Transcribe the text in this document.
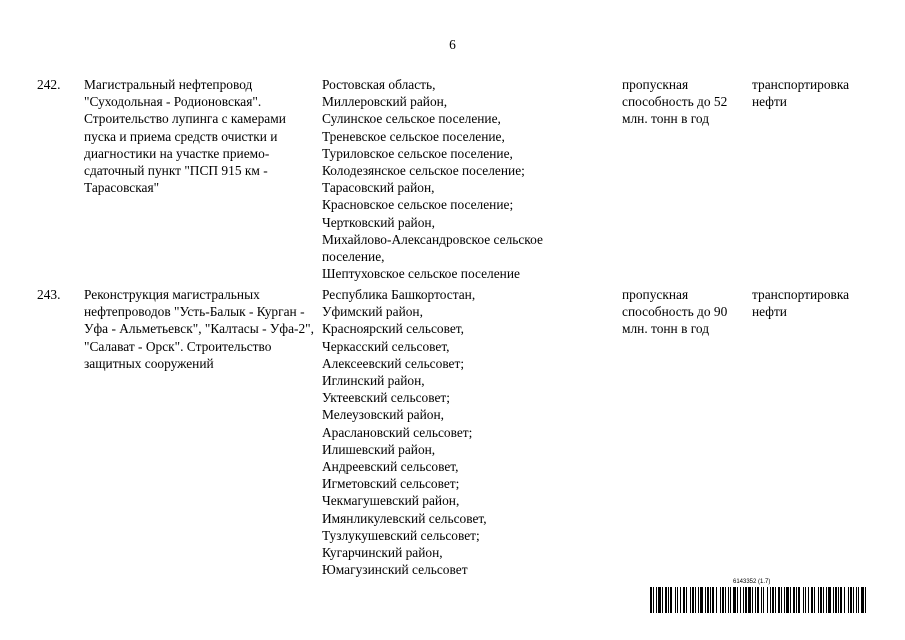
6
242.	Магистральный нефтепровод "Суходольная - Родионовская". Строительство лупинга с камерами пуска и приема средств очистки и диагностики на участке приемо-сдаточный пункт "ПСП 915 км - Тарасовская"
Ростовская область,
Миллеровский район,
Сулинское сельское поселение,
Треневское сельское поселение,
Туриловское сельское поселение,
Колодезянское сельское поселение;
Тарасовский район,
Красновское сельское поселение;
Чертковский район,
Михайлово-Александровское сельское
поселение,
Шептуховское сельское поселение
пропускная способность до 52 млн. тонн в год
транспортировка нефти
243.	Реконструкция магистральных нефтепроводов "Усть-Балык - Курган - Уфа - Альметьевск", "Калтасы - Уфа-2", "Салават - Орск". Строительство защитных сооружений
Республика Башкортостан,
Уфимский район,
Красноярский сельсовет,
Черкасский сельсовет,
Алексеевский сельсовет;
Иглинский район,
Уктеевский сельсовет;
Мелеузовский район,
Араслановский сельсовет;
Илишевский район,
Андреевский сельсовет,
Игметовский сельсовет;
Чекмагушевский район,
Имянликулевский сельсовет,
Тузлукушевский сельсовет;
Кугарчинский район,
Юмагузинский сельсовет
пропускная способность до 90 млн. тонн в год
транспортировка нефти
6143352 (1.7)
